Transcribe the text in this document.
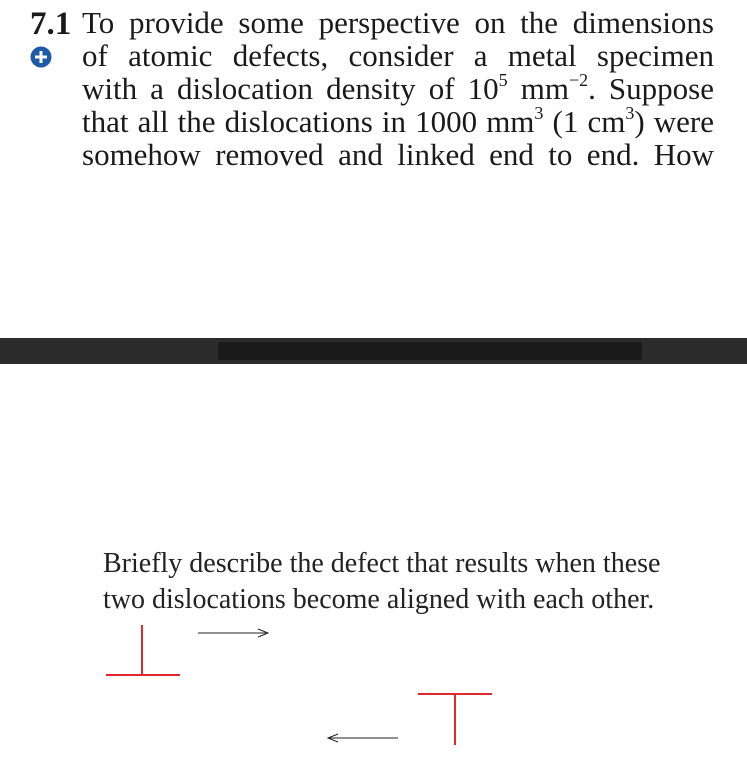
7.1 To provide some perspective on the dimensions
of atomic defects, consider a metal specimen
with a dislocation density of $10^5$ $mm^{-2}$. Suppose
that all the dislocations in 1000 $mm^3$ (1 $cm^3$) were
somehow removed and linked end to end. How
Briefly describe the defect that results when these
two dislocations become aligned with each other.
